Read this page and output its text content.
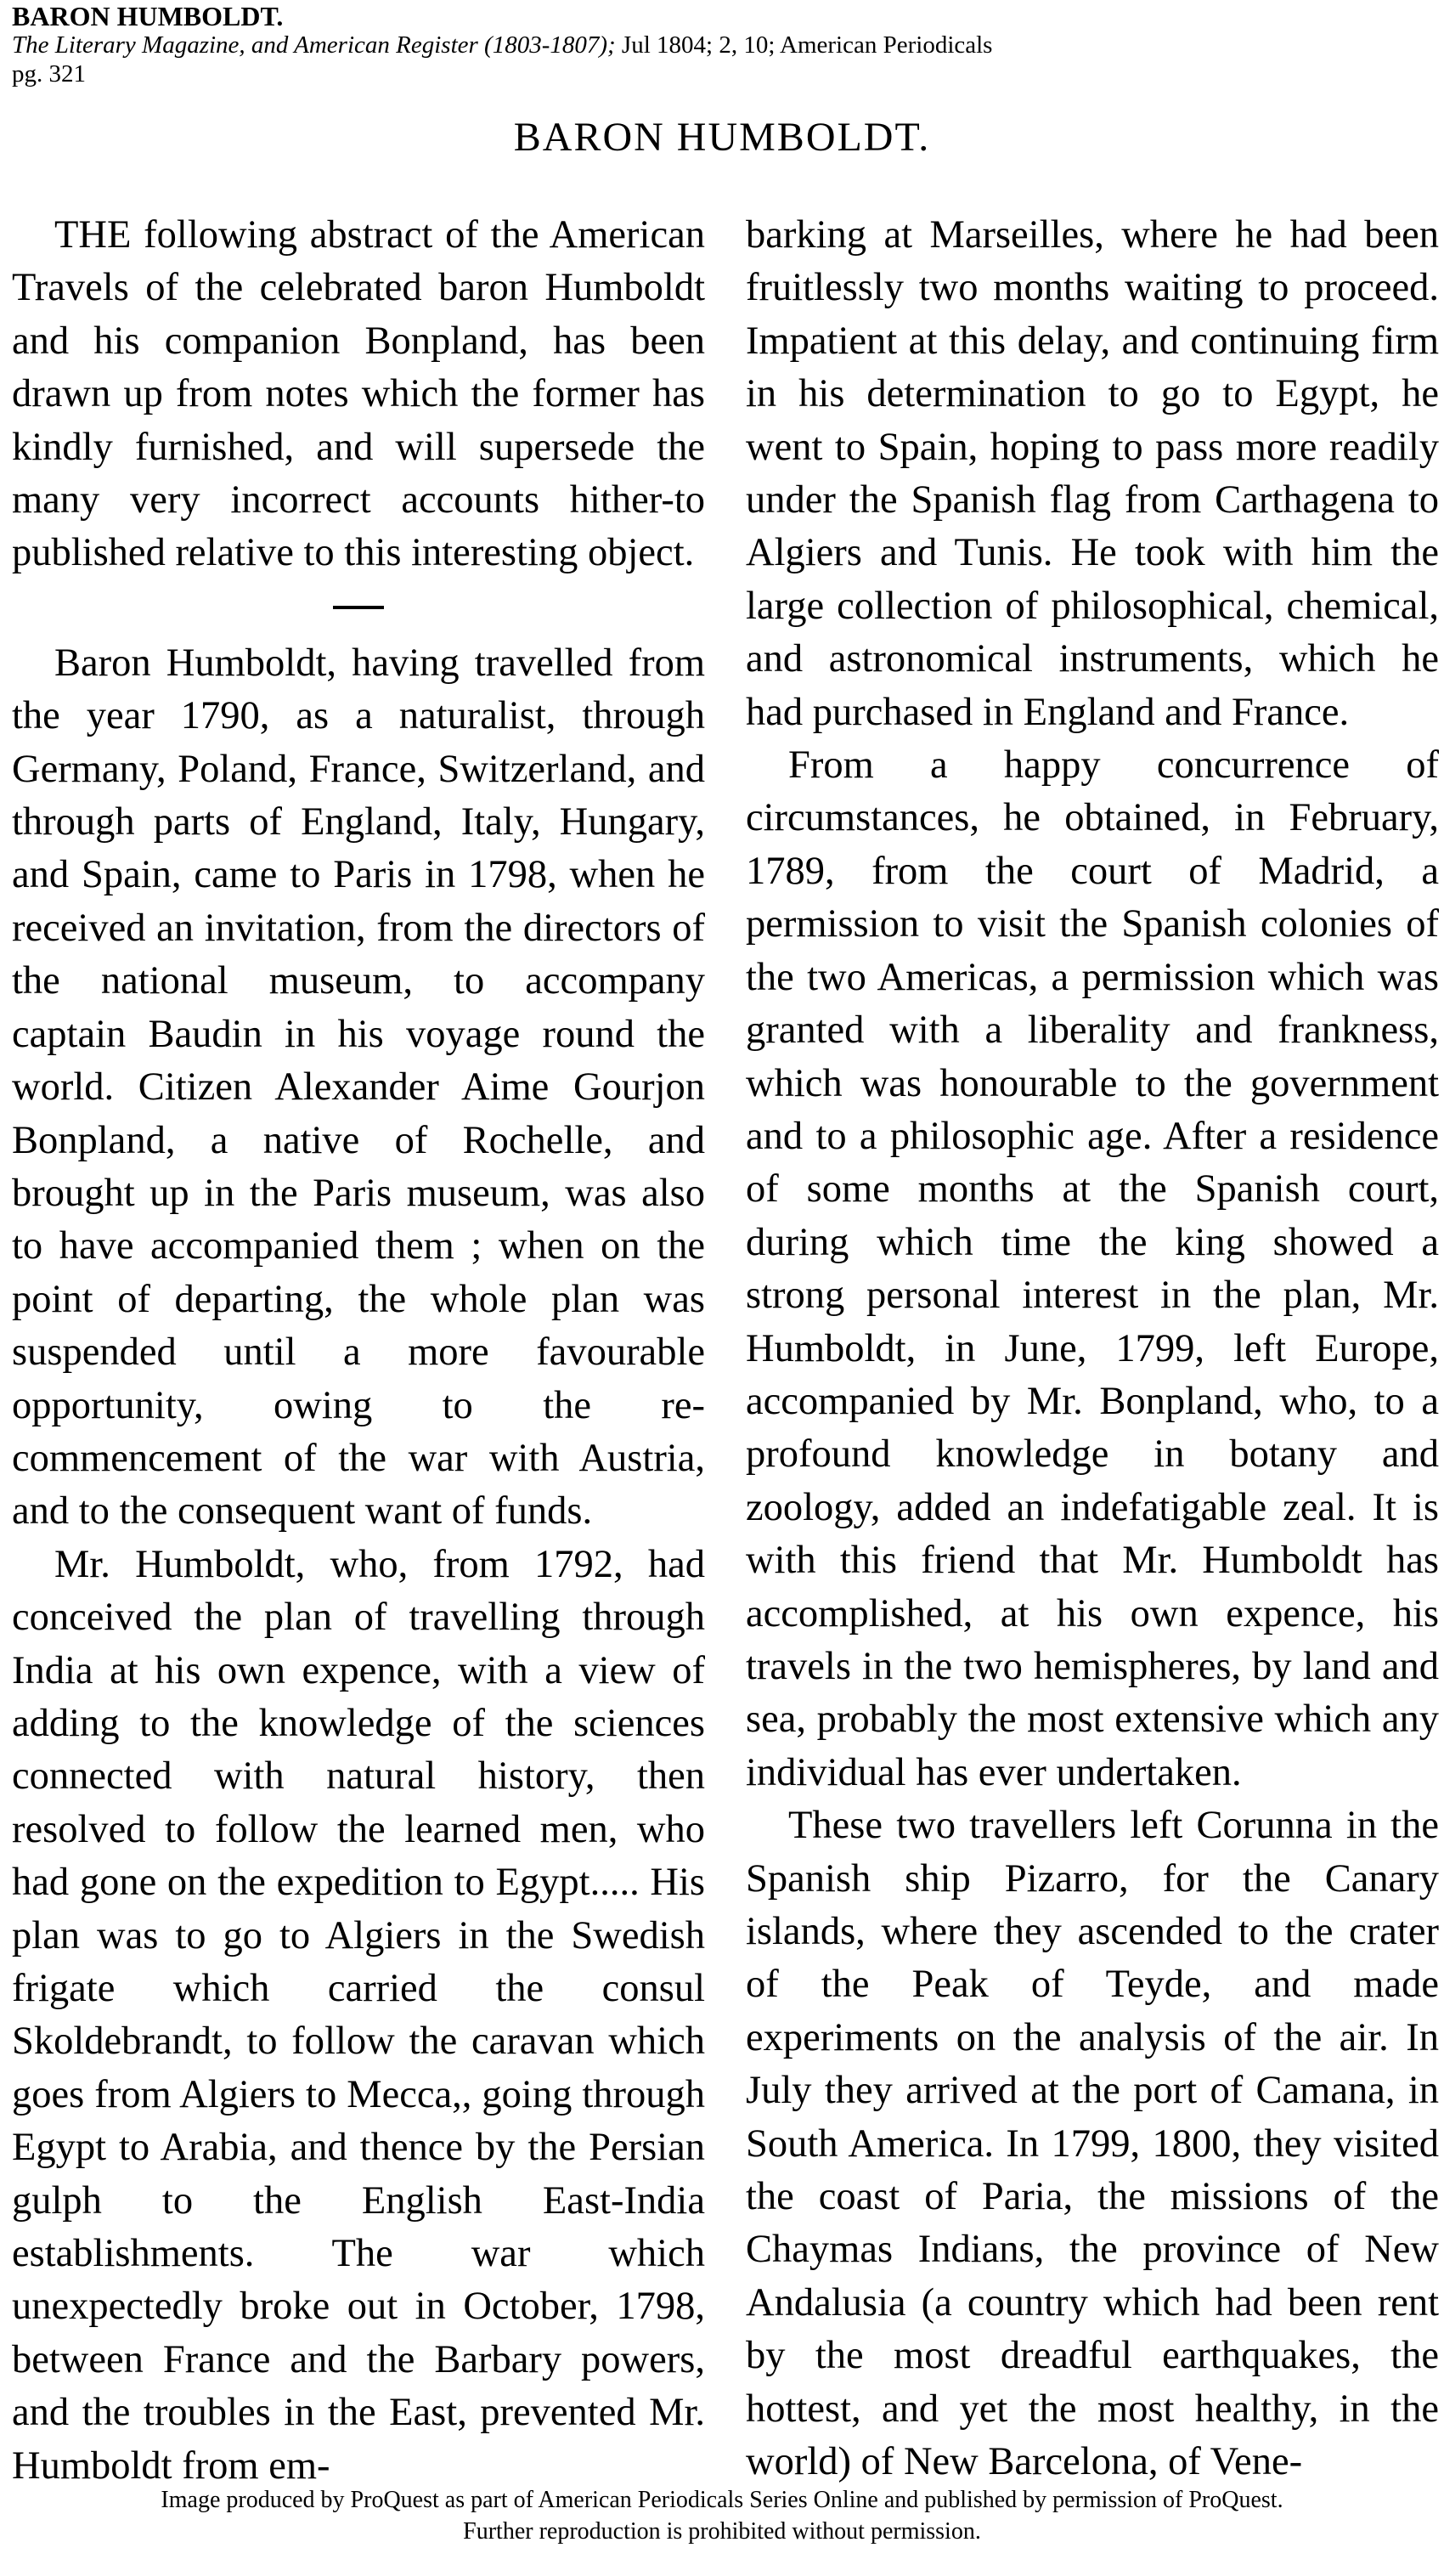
BARON HUMBOLDT.
The Literary Magazine, and American Register (1803-1807); Jul 1804; 2, 10; American Periodicals
pg. 321
BARON HUMBOLDT.

THE following abstract of the American Travels of the celebrated baron Humboldt and his companion Bonpland, has been drawn up from notes which the former has kindly furnished, and will supersede the many very incorrect accounts hither-to published relative to this interesting object.

Baron Humboldt, having travelled from the year 1790, as a naturalist, through Germany, Poland, France, Switzerland, and through parts of England, Italy, Hungary, and Spain, came to Paris in 1798, when he received an invitation, from the directors of the national museum, to accompany captain Baudin in his voyage round the world. Citizen Alexander Aime Gourjon Bonpland, a native of Rochelle, and brought up in the Paris museum, was also to have accompanied them ; when on the point of departing, the whole plan was suspended until a more favourable opportunity, owing to the re-commencement of the war with Austria, and to the consequent want of funds.

Mr. Humboldt, who, from 1792, had conceived the plan of travelling through India at his own expence, with a view of adding to the knowledge of the sciences connected with natural history, then resolved to follow the learned men, who had gone on the expedition to Egypt..... His plan was to go to Algiers in the Swedish frigate which carried the consul Skoldebrandt, to follow the caravan which goes from Algiers to Mecca,, going through Egypt to Arabia, and thence by the Persian gulph to the English East-India establishments. The war which unexpectedly broke out in October, 1798, between France and the Barbary powers, and the troubles in the East, prevented Mr. Humboldt from em-

barking at Marseilles, where he had been fruitlessly two months waiting to proceed. Impatient at this delay, and continuing firm in his determination to go to Egypt, he went to Spain, hoping to pass more readily under the Spanish flag from Carthagena to Algiers and Tunis. He took with him the large collection of philosophical, chemical, and astronomical instruments, which he had purchased in England and France.

From a happy concurrence of circumstances, he obtained, in February, 1789, from the court of Madrid, a permission to visit the Spanish colonies of the two Americas, a permission which was granted with a liberality and frankness, which was honourable to the government and to a philosophic age. After a residence of some months at the Spanish court, during which time the king showed a strong personal interest in the plan, Mr. Humboldt, in June, 1799, left Europe, accompanied by Mr. Bonpland, who, to a profound knowledge in botany and zoology, added an indefatigable zeal. It is with this friend that Mr. Humboldt has accomplished, at his own expence, his travels in the two hemispheres, by land and sea, probably the most extensive which any individual has ever undertaken.

These two travellers left Corunna in the Spanish ship Pizarro, for the Canary islands, where they ascended to the crater of the Peak of Teyde, and made experiments on the analysis of the air. In July they arrived at the port of Camana, in South America. In 1799, 1800, they visited the coast of Paria, the missions of the Chaymas Indians, the province of New Andalusia (a country which had been rent by the most dreadful earthquakes, the hottest, and yet the most healthy, in the world) of New Barcelona, of Vene-

Image produced by ProQuest as part of American Periodicals Series Online and published by permission of ProQuest.
Further reproduction is prohibited without permission.
